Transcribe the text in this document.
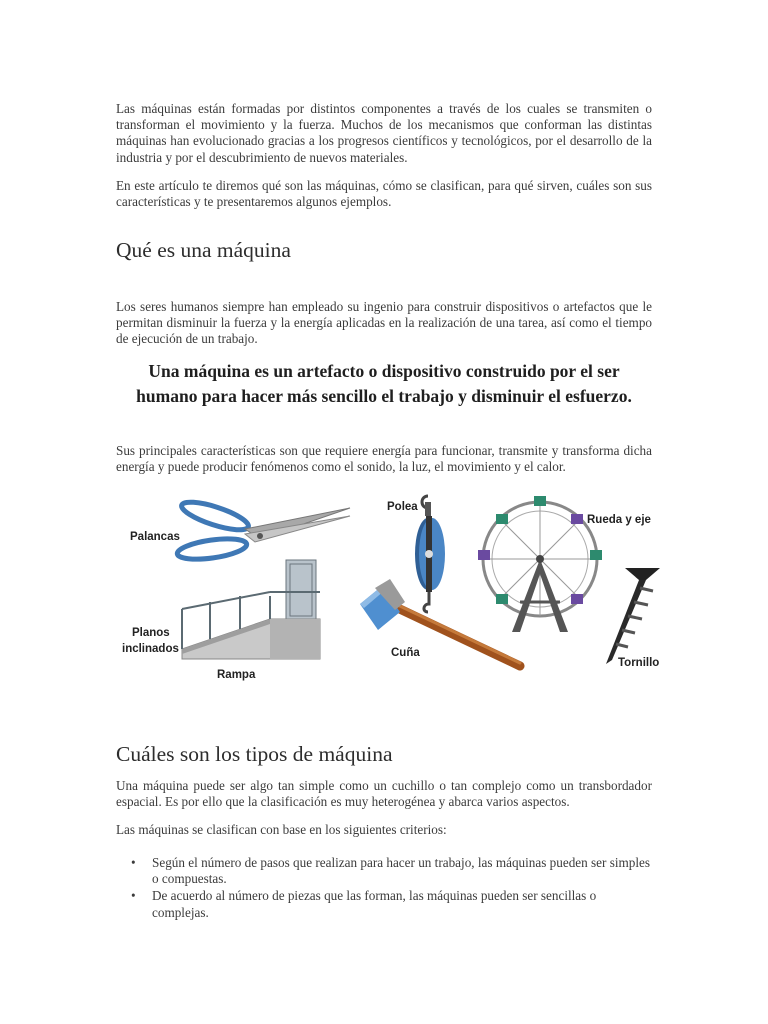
Las máquinas están formadas por distintos componentes a través de los cuales se transmiten o transforman el movimiento y la fuerza. Muchos de los mecanismos que conforman las distintas máquinas han evolucionado gracias a los progresos científicos y tecnológicos, por el desarrollo de la industria y por el descubrimiento de nuevos materiales.

En este artículo te diremos qué son las máquinas, cómo se clasifican, para qué sirven, cuáles son sus características y te presentaremos algunos ejemplos.

Qué es una máquina

Los seres humanos siempre han empleado su ingenio para construir dispositivos o artefactos que le permitan disminuir la fuerza y la energía aplicadas en la realización de una tarea, así como el tiempo de ejecución de un trabajo.

Una máquina es un artefacto o dispositivo construido por el ser humano para hacer más sencillo el trabajo y disminuir el esfuerzo.

Sus principales características son que requiere energía para funcionar, transmite y transforma dicha energía y puede producir fenómenos como el sonido, la luz, el movimiento y el calor.

Palancas
Planos
inclinados
Rampa
Polea
Cuña
Rueda y eje
Tornillo
Cuáles son los tipos de máquina

Una máquina puede ser algo tan simple como un cuchillo o tan complejo como un transbordador espacial. Es por ello que la clasificación es muy heterogénea y abarca varios aspectos.

Las máquinas se clasifican con base en los siguientes criterios:

• Según el número de pasos que realizan para hacer un trabajo, las máquinas pueden ser simples o compuestas.
• De acuerdo al número de piezas que las forman, las máquinas pueden ser sencillas o complejas.
